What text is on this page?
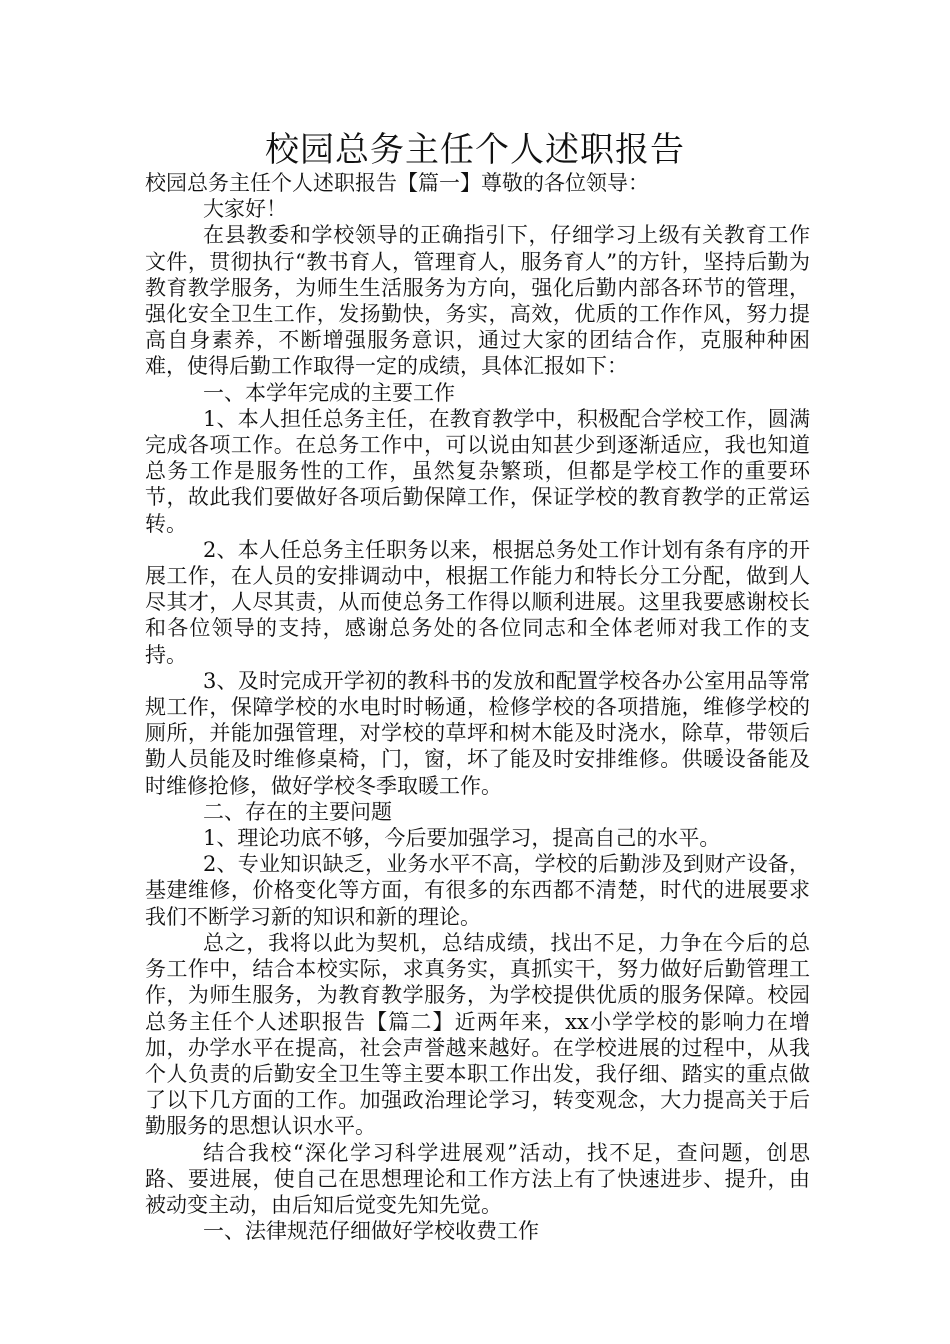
校园总务主任个人述职报告

校园总务主任个人述职报告【篇一】尊敬的各位领导：

大家好！

在县教委和学校领导的正确指引下，仔细学习上级有关教育工作文件，贯彻执行“教书育人，管理育人，服务育人”的方针，坚持后勤为教育教学服务，为师生生活服务为方向，强化后勤内部各环节的管理，强化安全卫生工作，发扬勤快，务实，高效，优质的工作作风，努力提高自身素养，不断增强服务意识，通过大家的团结合作，克服种种困难，使得后勤工作取得一定的成绩，具体汇报如下：

一、本学年完成的主要工作

1、本人担任总务主任，在教育教学中，积极配合学校工作，圆满完成各项工作。在总务工作中，可以说由知甚少到逐渐适应，我也知道总务工作是服务性的工作，虽然复杂繁琐，但都是学校工作的重要环节，故此我们要做好各项后勤保障工作，保证学校的教育教学的正常运转。

2、本人任总务主任职务以来，根据总务处工作计划有条有序的开展工作，在人员的安排调动中，根据工作能力和特长分工分配，做到人尽其才，人尽其责，从而使总务工作得以顺利进展。这里我要感谢校长和各位领导的支持，感谢总务处的各位同志和全体老师对我工作的支持。

3、及时完成开学初的教科书的发放和配置学校各办公室用品等常规工作，保障学校的水电时时畅通，检修学校的各项措施，维修学校的厕所，并能加强管理，对学校的草坪和树木能及时浇水，除草，带领后勤人员能及时维修桌椅，门，窗，坏了能及时安排维修。供暖设备能及时维修抢修，做好学校冬季取暖工作。

二、存在的主要问题

1、理论功底不够，今后要加强学习，提高自己的水平。

2、专业知识缺乏，业务水平不高，学校的后勤涉及到财产设备，基建维修，价格变化等方面，有很多的东西都不清楚，时代的进展要求我们不断学习新的知识和新的理论。

总之，我将以此为契机，总结成绩，找出不足，力争在今后的总务工作中，结合本校实际，求真务实，真抓实干，努力做好后勤管理工作，为师生服务，为教育教学服务，为学校提供优质的服务保障。校园总务主任个人述职报告【篇二】近两年来，xx小学学校的影响力在增加，办学水平在提高，社会声誉越来越好。在学校进展的过程中，从我个人负责的后勤安全卫生等主要本职工作出发，我仔细、踏实的重点做了以下几方面的工作。加强政治理论学习，转变观念，大力提高关于后勤服务的思想认识水平。

结合我校“深化学习科学进展观”活动，找不足，查问题，创思路、要进展，使自己在思想理论和工作方法上有了快速进步、提升，由被动变主动，由后知后觉变先知先觉。

一、法律规范仔细做好学校收费工作
